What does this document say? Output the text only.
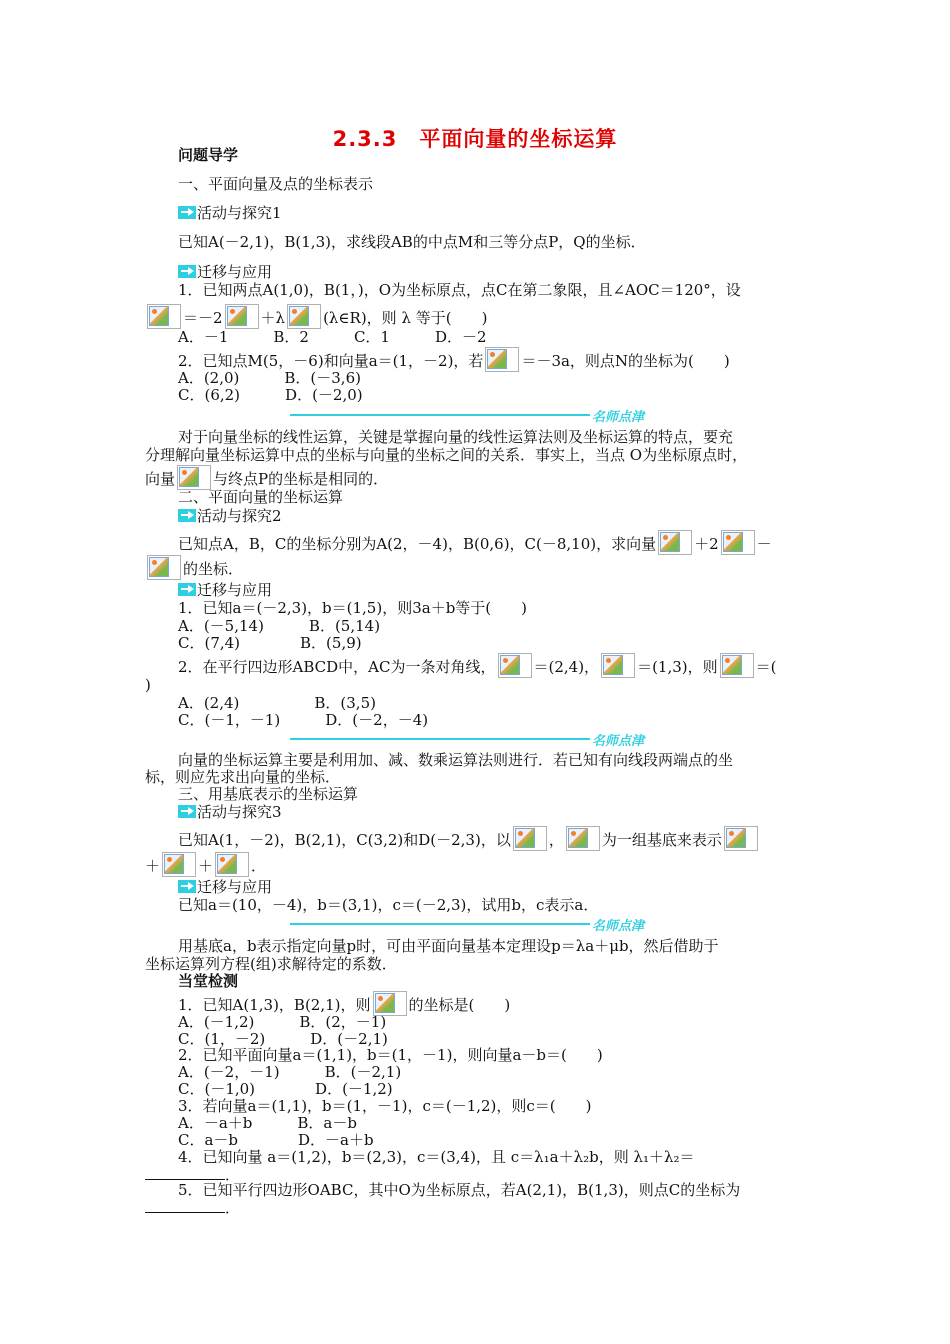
2.3.3　平面向量的坐标运算
问题导学
一、平面向量及点的坐标表示
活动与探究1
已知A(－2,1)，B(1,3)，求线段AB的中点M和三等分点P，Q的坐标．
迁移与应用
1．已知两点A(1,0)，B(1，)，O为坐标原点，点C在第二象限，且∠AOC＝120°，设
＝－2	＋λ	(λ∈R)，则 λ 等于(　　)
A．－1　　　B．2　　　C．1　　　D．－2
2．已知点M(5，－6)和向量a＝(1，－2)，若	＝－3a，则点N的坐标为(　　)
A．(2,0)　　　B．(－3,6)
C．(6,2)　　　D．(－2,0)
名师点津
对于向量坐标的线性运算，关键是掌握向量的线性运算法则及坐标运算的特点，要充
分理解向量坐标运算中点的坐标与向量的坐标之间的关系．事实上，当点 O为坐标原点时，
向量	与终点P的坐标是相同的．
二、平面向量的坐标运算
活动与探究2
已知点A，B，C的坐标分别为A(2，－4)，B(0,6)，C(－8,10)，求向量	＋2	－
的坐标．
迁移与应用
1．已知a＝(－2,3)，b＝(1,5)，则3a＋b等于(　　)
A．(－5,14)　　　B．(5,14)
C．(7,4)　　　　B．(5,9)
2．在平行四边形ABCD中，AC为一条对角线，	＝(2,4)，	＝(1,3)，则	＝(
)
A．(2,4)　　　　　B．(3,5)
C．(－1，－1)　　　D．(－2，－4)
名师点津
向量的坐标运算主要是利用加、减、数乘运算法则进行．若已知有向线段两端点的坐
标，则应先求出向量的坐标．
三、用基底表示的坐标运算
活动与探究3
已知A(1，－2)，B(2,1)，C(3,2)和D(－2,3)，以	，	为一组基底来表示
＋	＋	．
迁移与应用
已知a＝(10，－4)，b＝(3,1)，c＝(－2,3)，试用b，c表示a．
名师点津
用基底a，b表示指定向量p时，可由平面向量基本定理设p＝λa＋μb，然后借助于
坐标运算列方程(组)求解待定的系数．
当堂检测
1．已知A(1,3)，B(2,1)，则	的坐标是(　　)
A．(－1,2)　　　B．(2，－1)
C．(1，－2)　　　D．(－2,1)
2．已知平面向量a＝(1,1)，b＝(1，－1)，则向量a－b＝(　　)
A．(－2，－1)　　　B．(－2,1)
C．(－1,0)　　　　D．(－1,2)
3．若向量a＝(1,1)，b＝(1，－1)，c＝(－1,2)，则c＝(　　)
A．－a＋b　　　B．a－b
C．a－b　　　　D．－a＋b
4．已知向量 a＝(1,2)，b＝(2,3)，c＝(3,4)，且 c＝λ₁a＋λ₂b，则 λ₁＋λ₂＝
．
5．已知平行四边形OABC，其中O为坐标原点，若A(2,1)，B(1,3)，则点C的坐标为
．
